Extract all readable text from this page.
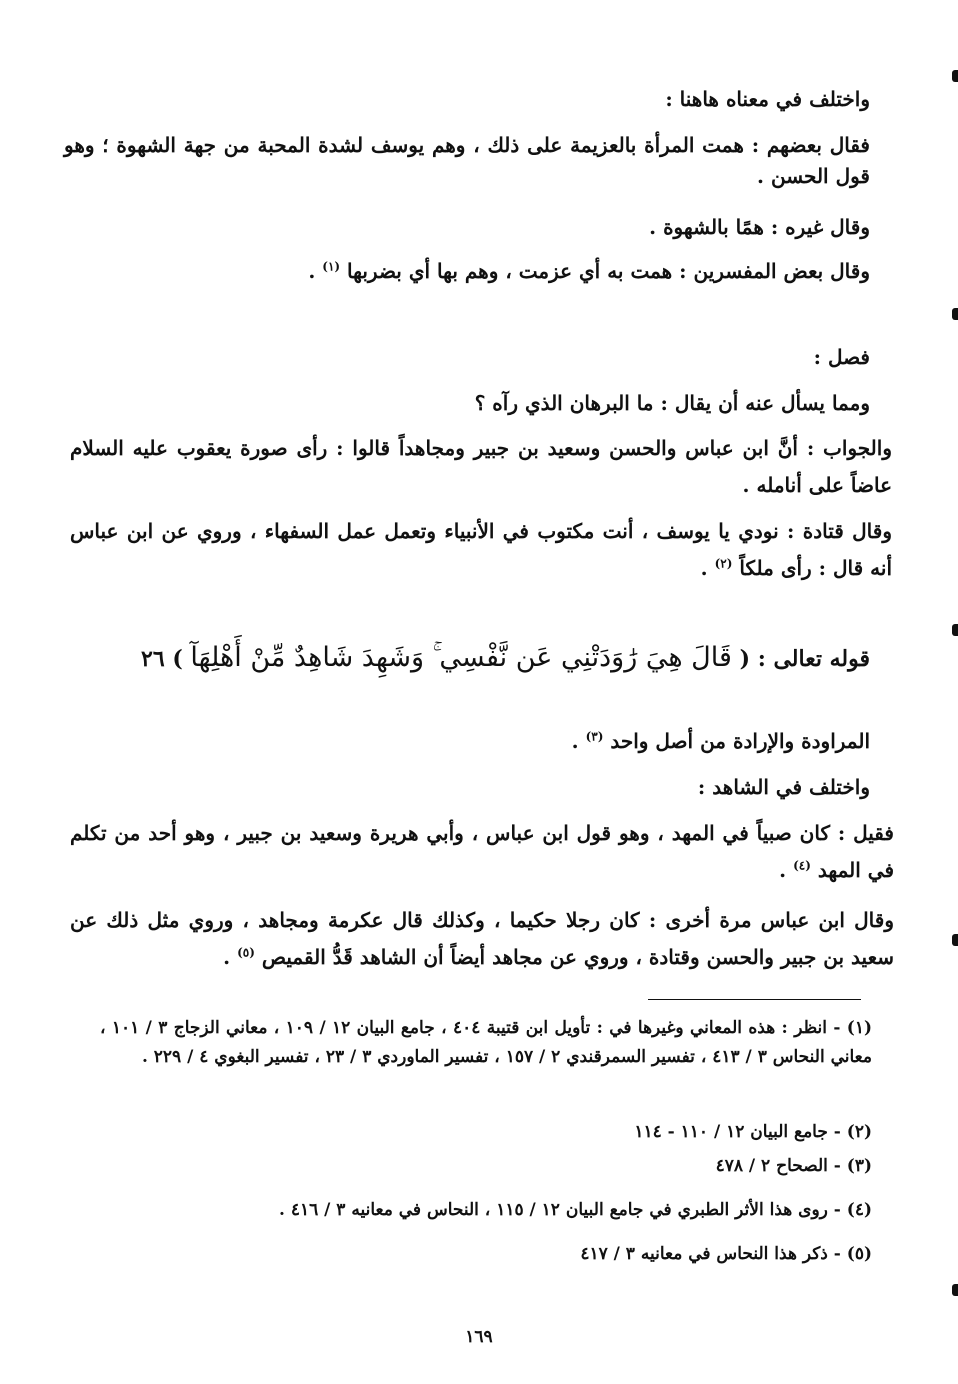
واختلف في معناه هاهنا :
فقال بعضهم : همت المرأة بالعزيمة على ذلك ، وهم يوسف لشدة المحبة من جهة الشهوة ؛ وهو قول الحسن .
وقال غيره : همًا بالشهوة .
وقال بعض المفسرين : همت به أي عزمت ، وهم بها أي بضربها $^{(١)}$ .
فصل :
ومما يسأل عنه أن يقال : ما البرهان الذي رآه ؟
والجواب : أنَّ ابن عباس والحسن وسعيد بن جبير ومجاهداً قالوا : رأى صورة يعقوب عليه السلام عاضاً على أنامله .
وقال قتادة : نودي يا يوسف ، أنت مكتوب في الأنبياء وتعمل عمل السفهاء ، وروي عن ابن عباس أنه قال : رأى ملكاً $^{(٢)}$ .
قوله تعالى : ( قَالَ هِيَ رَٰوَدَتْنِي عَن نَّفْسِي ۚ وَشَهِدَ شَاهِدٌ مِّنْ أَهْلِهَآ ) ٢٦
المراودة والإرادة من أصل واحد $^{(٣)}$ .
واختلف في الشاهد :
فقيل : كان صبياً في المهد ، وهو قول ابن عباس ، وأبي هريرة وسعيد بن جبير ، وهو أحد من تكلم في المهد $^{(٤)}$ .
وقال ابن عباس مرة أخرى : كان رجلا حكيما ، وكذلك قال عكرمة ومجاهد ، وروي مثل ذلك عن سعيد بن جبير والحسن وقتادة ، وروي عن مجاهد أيضاً أن الشاهد قَدُّ القميص $^{(٥)}$ .
(١) - انظر : هذه المعاني وغيرها في : تأويل ابن قتيبة ٤٠٤ ، جامع البيان ١٢ / ١٠٩ ، معاني الزجاج ٣ / ١٠١ ، معاني النحاس ٣ / ٤١٣ ، تفسير السمرقندي ٢ / ١٥٧ ، تفسير الماوردي ٣ / ٢٣ ، تفسير البغوي ٤ / ٢٢٩ .
(٢) - جامع البيان ١٢ / ١١٠ - ١١٤
(٣) - الصحاح ٢ / ٤٧٨
(٤) - روى هذا الأثر الطبري في جامع البيان ١٢ / ١١٥ ، النحاس في معانيه ٣ / ٤١٦ .
(٥) - ذكر هذا النحاس في معانيه ٣ / ٤١٧
١٦٩
